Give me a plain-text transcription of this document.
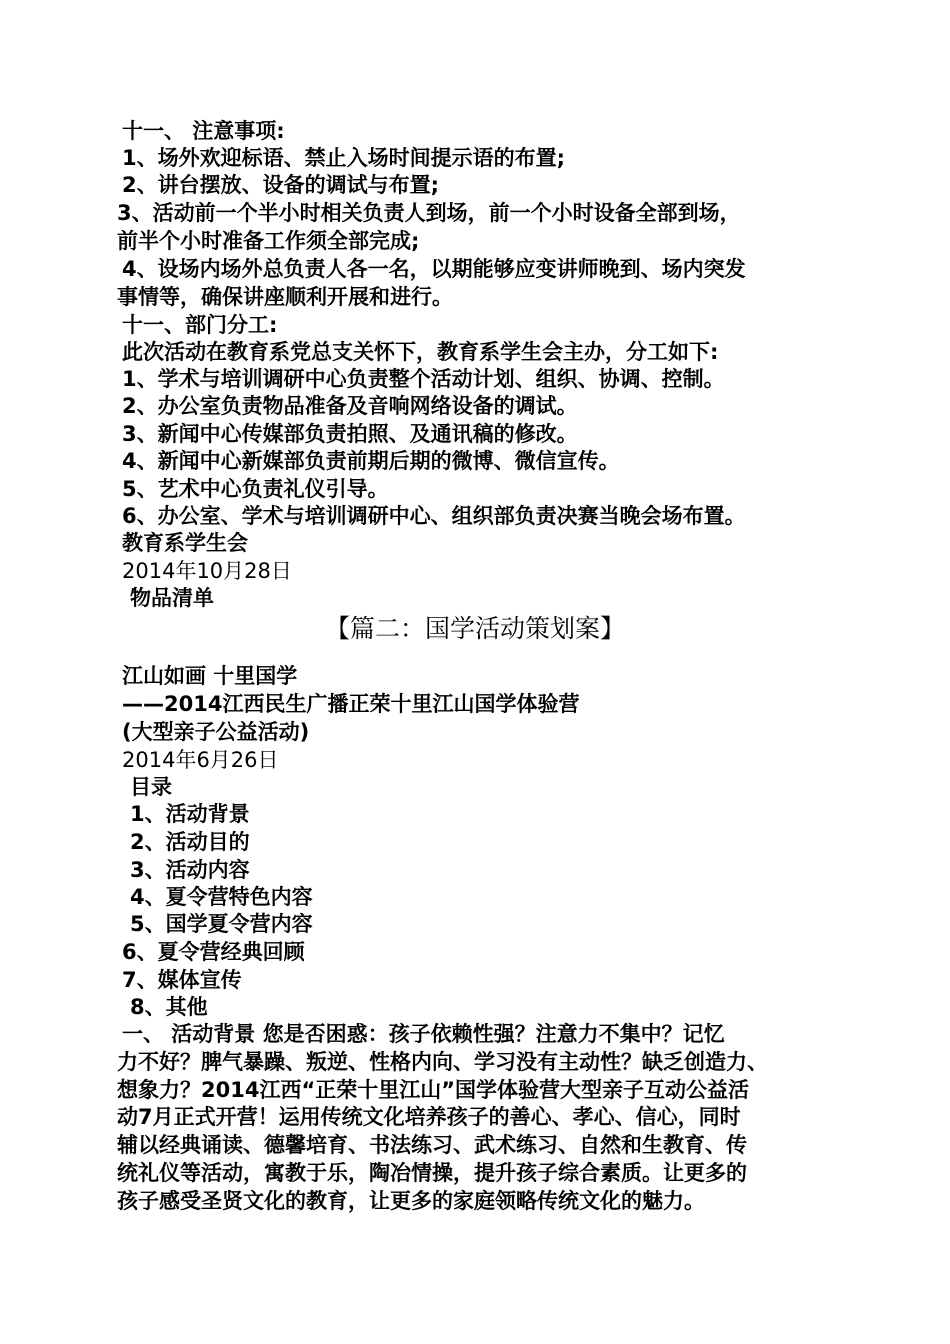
十一、 注意事项:
1、场外欢迎标语、禁止入场时间提示语的布置;
2、讲台摆放、设备的调试与布置;
3、活动前一个半小时相关负责人到场，前一个小时设备全部到场，
前半个小时准备工作须全部完成;
4、设场内场外总负责人各一名，以期能够应变讲师晚到、场内突发
事情等，确保讲座顺利开展和进行。
十一、部门分工:
此次活动在教育系党总支关怀下，教育系学生会主办，分工如下:
1、学术与培训调研中心负责整个活动计划、组织、协调、控制。
2、办公室负责物品准备及音响网络设备的调试。
3、新闻中心传媒部负责拍照、及通讯稿的修改。
4、新闻中心新媒部负责前期后期的微博、微信宣传。
5、艺术中心负责礼仪引导。
6、办公室、学术与培训调研中心、组织部负责决赛当晚会场布置。
教育系学生会
2014年10月28日
物品清单
【篇二：国学活动策划案】
江山如画 十里国学
——2014江西民生广播正荣十里江山国学体验营
(大型亲子公益活动)
2014年6月26日
目录
1、活动背景
2、活动目的
3、活动内容
4、夏令营特色内容
5、国学夏令营内容
6、夏令营经典回顾
7、媒体宣传
8、其他
一、 活动背景 您是否困惑：孩子依赖性强？注意力不集中？记忆
力不好？脾气暴躁、叛逆、性格内向、学习没有主动性？缺乏创造力、
想象力？2014江西“正荣十里江山”国学体验营大型亲子互动公益活
动7月正式开营！运用传统文化培养孩子的善心、孝心、信心，同时
辅以经典诵读、德馨培育、书法练习、武术练习、自然和生教育、传
统礼仪等活动，寓教于乐，陶冶情操，提升孩子综合素质。让更多的
孩子感受圣贤文化的教育，让更多的家庭领略传统文化的魅力。
